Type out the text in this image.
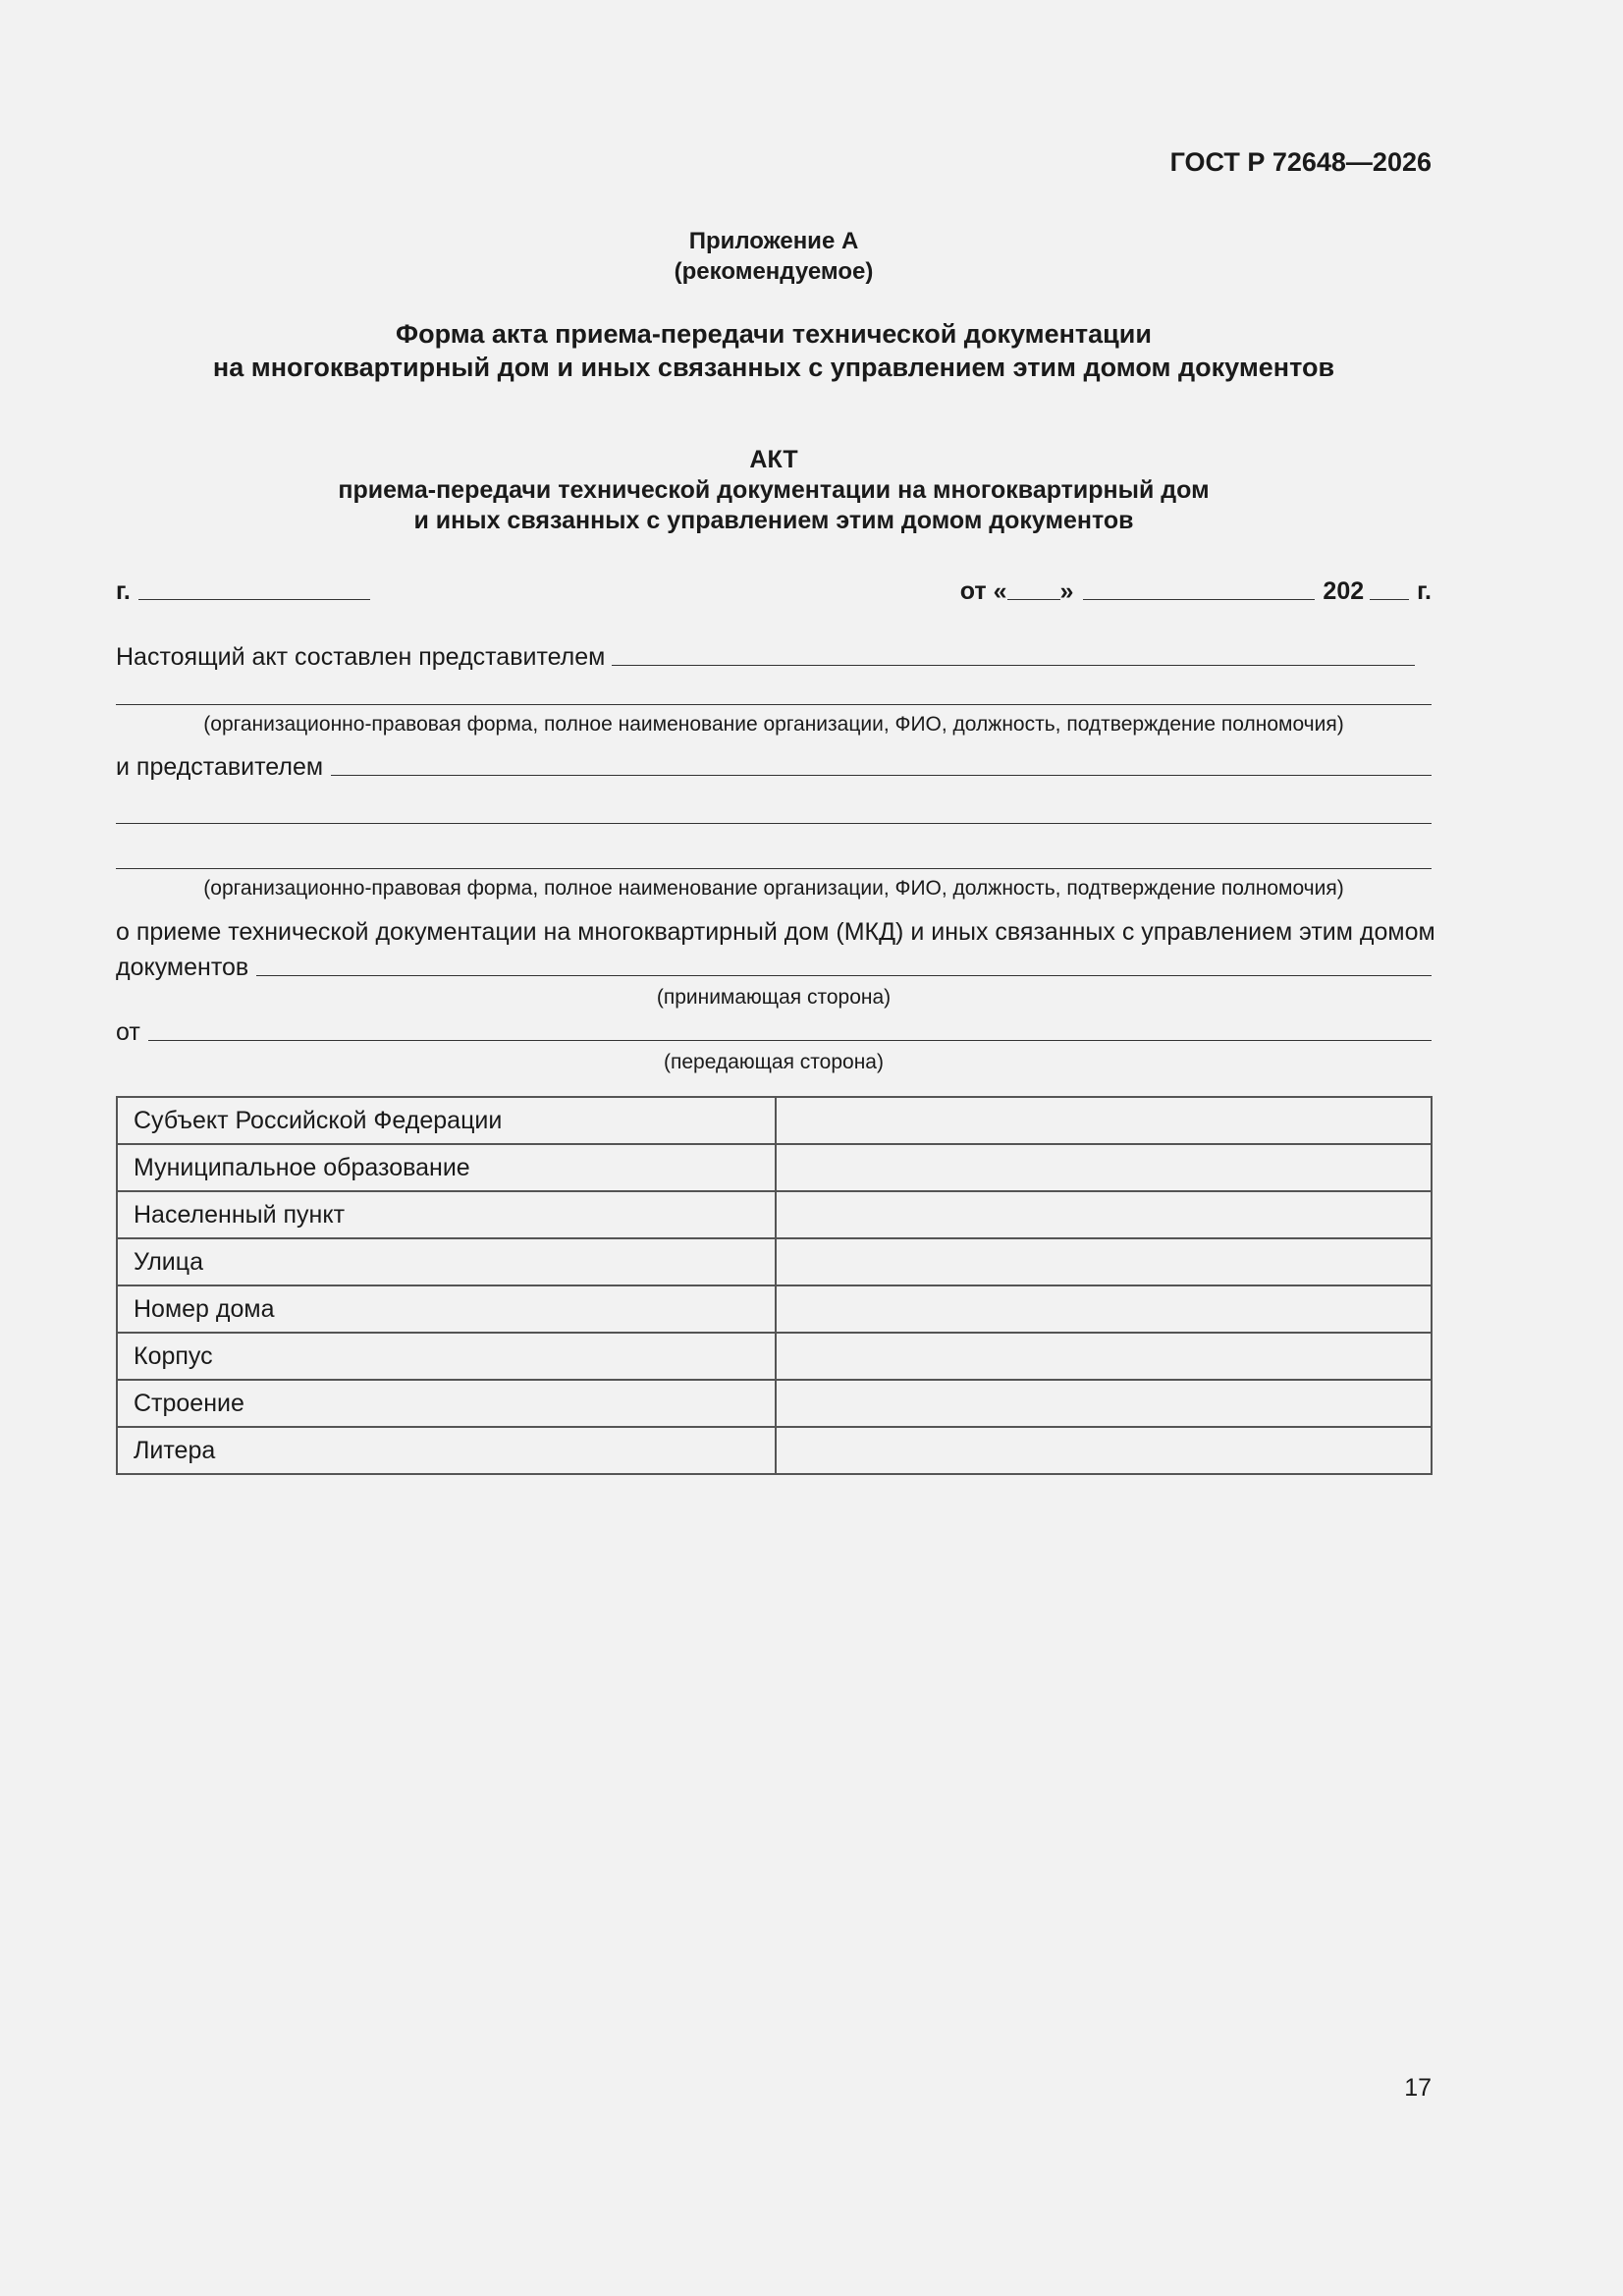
ГОСТ Р 72648—2026
Приложение А
(рекомендуемое)
Форма акта приема-передачи технической документации
на многоквартирный дом и иных связанных с управлением этим домом документов
АКТ
приема-передачи технической документации на многоквартирный дом
и иных связанных с управлением этим домом документов
г.	от « »	202 г.
Настоящий акт составлен представителем
(организационно-правовая форма, полное наименование организации, ФИО, должность, подтверждение полномочия)
и представителем
(организационно-правовая форма, полное наименование организации, ФИО, должность, подтверждение полномочия)
о приеме технической документации на многоквартирный дом (МКД) и иных связанных с управлением этим домом
документов
(принимающая сторона)
от
(передающая сторона)
Субъект Российской Федерации	
Муниципальное образование	
Населенный пункт	
Улица	
Номер дома	
Корпус	
Строение	
Литера	
17
